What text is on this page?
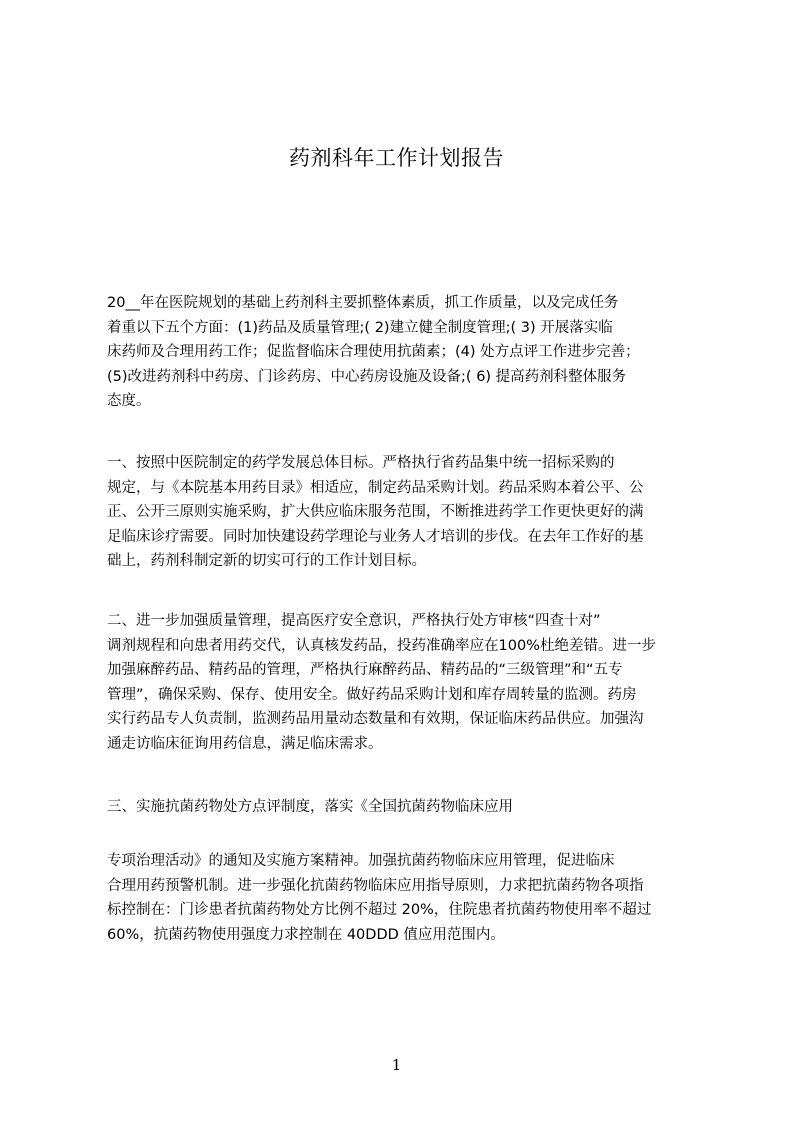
药剂科年工作计划报告
20__年在医院规划的基础上药剂科主要抓整体素质，抓工作质量，以及完成任务
着重以下五个方面：(1)药品及质量管理;( 2)建立健全制度管理;( 3) 开展落实临
床药师及合理用药工作；促监督临床合理使用抗菌素；(4) 处方点评工作进步完善；
(5)改进药剂科中药房、门诊药房、中心药房设施及设备;( 6) 提高药剂科整体服务
态度。
一、按照中医院制定的药学发展总体目标。严格执行省药品集中统一招标采购的
规定，与《本院基本用药目录》相适应，制定药品采购计划。药品采购本着公平、公
正、公开三原则实施采购，扩大供应临床服务范围，不断推进药学工作更快更好的满
足临床诊疗需要。同时加快建设药学理论与业务人才培训的步伐。在去年工作好的基
础上，药剂科制定新的切实可行的工作计划目标。
二、进一步加强质量管理，提高医疗安全意识，严格执行处方审核“四查十对”
调剂规程和向患者用药交代，认真核发药品，投药准确率应在100%杜绝差错。进一步
加强麻醉药品、精药品的管理，严格执行麻醉药品、精药品的“三级管理”和“五专
管理”，确保采购、保存、使用安全。做好药品采购计划和库存周转量的监测。药房
实行药品专人负责制，监测药品用量动态数量和有效期，保证临床药品供应。加强沟
通走访临床征询用药信息，满足临床需求。
三、实施抗菌药物处方点评制度，落实《全国抗菌药物临床应用
专项治理活动》的通知及实施方案精神。加强抗菌药物临床应用管理，促进临床
合理用药预警机制。进一步强化抗菌药物临床应用指导原则，力求把抗菌药物各项指
标控制在：门诊患者抗菌药物处方比例不超过 20%，住院患者抗菌药物使用率不超过
60%，抗菌药物使用强度力求控制在 40DDD 值应用范围内。
1
